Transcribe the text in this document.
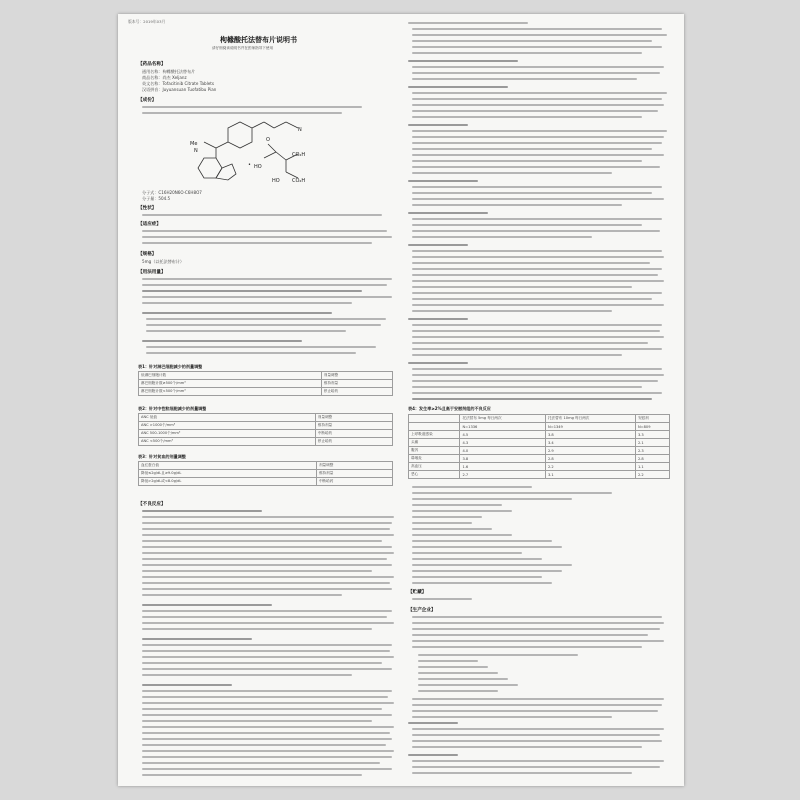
版本号：2019年03月
枸橼酸托法替布片说明书
请仔细阅读说明书并在医师指导下使用
【药品名称】
通用名称：枸橼酸托法替布片
商品名称：尚杰 Xeljanz
英文名称：Tofacitinib Citrate Tablets
汉语拼音：Juyuansuan Tuofatibu Pian
【成份】
Me
N
O
N
• HO
CO₂H
CO₂H
HO
分子式：C16H20N6O·C6H8O7
分子量：504.5
【性状】
【适应症】
【规格】
5mg（以托法替布计）
【用法用量】
表1：针对淋巴细胞减少的剂量调整
低淋巴细胞计数	剂量调整
淋巴细胞计数≥500个/mm³	维持剂量
淋巴细胞计数<500个/mm³	停止给药
表2：针对中性粒细胞减少的剂量调整
ANC 低值	剂量调整
ANC >1000个/mm³	维持剂量
ANC 500-1000个/mm³	中断给药
ANC <500个/mm³	停止给药
表3：针对贫血的剂量调整
血红蛋白值	剂量调整
降低≤2g/dL且≥9.0g/dL	维持剂量
降低>2g/dL或<8.0g/dL	中断给药
【不良反应】
表4：发生率≥2%且高于安慰剂组的不良反应
	托法替布 5mg 每日两次	托法替布 10mg 每日两次	安慰剂
	N=1336	N=1349	N=809
上呼吸道感染	4.5	3.8	3.3
头痛	4.3	3.4	2.1
腹泻	4.0	2.9	2.3
鼻咽炎	3.8	2.8	2.8
高血压	1.6	2.2	1.1
恶心	2.7	3.1	2.2
【贮藏】
【生产企业】
